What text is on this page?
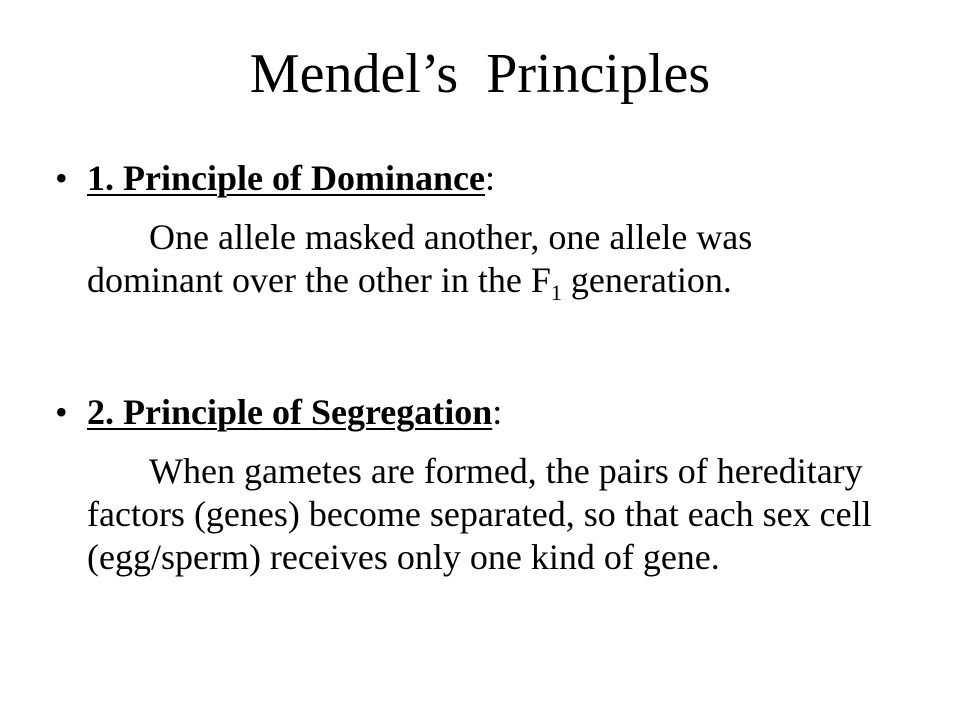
Mendel’s  Principles
• 1. Principle of Dominance:
One allele masked another, one allele was dominant over the other in the $F_1$ generation.
• 2. Principle of Segregation:
When gametes are formed, the pairs of hereditary factors (genes) become separated, so that each sex cell (egg/sperm) receives only one kind of gene.
